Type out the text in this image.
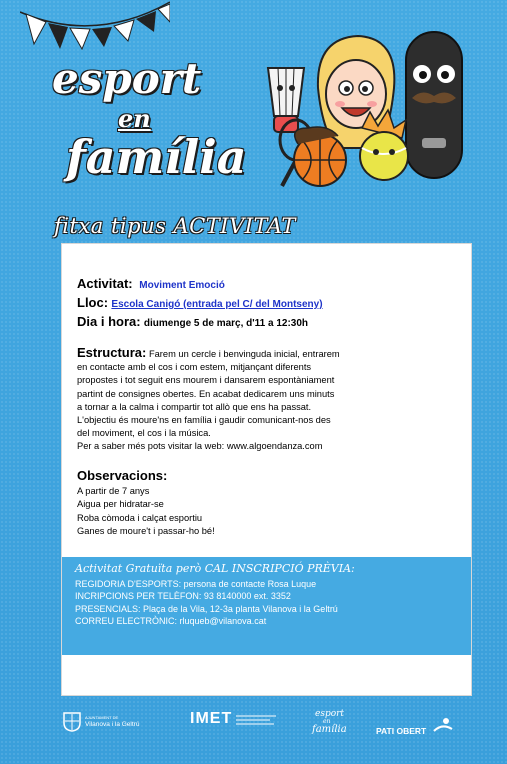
esport
en
família
fitxa tipus ACTIVITAT

Activitat: Moviment Emoció

Lloc: Escola Canigó (entrada pel C/ del Montseny)

Dia i hora: diumenge 5 de març, d'11 a 12:30h

Estructura: Farem un cercle i benvinguda inicial, entrarem

en contacte amb el cos i com estem, mitjançant diferents

propostes i tot seguit ens mourem i dansarem espontàniament

partint de consignes obertes. En acabat dedicarem uns minuts

a tornar a la calma i compartir tot allò que ens ha passat.

L'objectiu és moure'ns en família i gaudir comunicant-nos des

del moviment, el cos i la música.

Per a saber més pots visitar la web: www.algoendanza.com

Observacions:

A partir de 7 anys

Aigua per hidratar-se

Roba còmoda i calçat esportiu

Ganes de moure't i passar-ho bé!

Activitat Gratuïta però CAL INSCRIPCIÓ PRÈVIA:
REGIDORIA D'ESPORTS: persona de contacte Rosa Luque
INCRIPCIONS PER TELÈFON: 93 8140000 ext. 3352
PRESENCIALS: Plaça de la Vila, 12-3a planta Vilanova i la Geltrú
CORREU ELECTRÒNIC: rluqueb@vilanova.cat
AJUNTAMENT DE
Vilanova i la Geltrú	IMET	esport
en
família	PATI OBERT
